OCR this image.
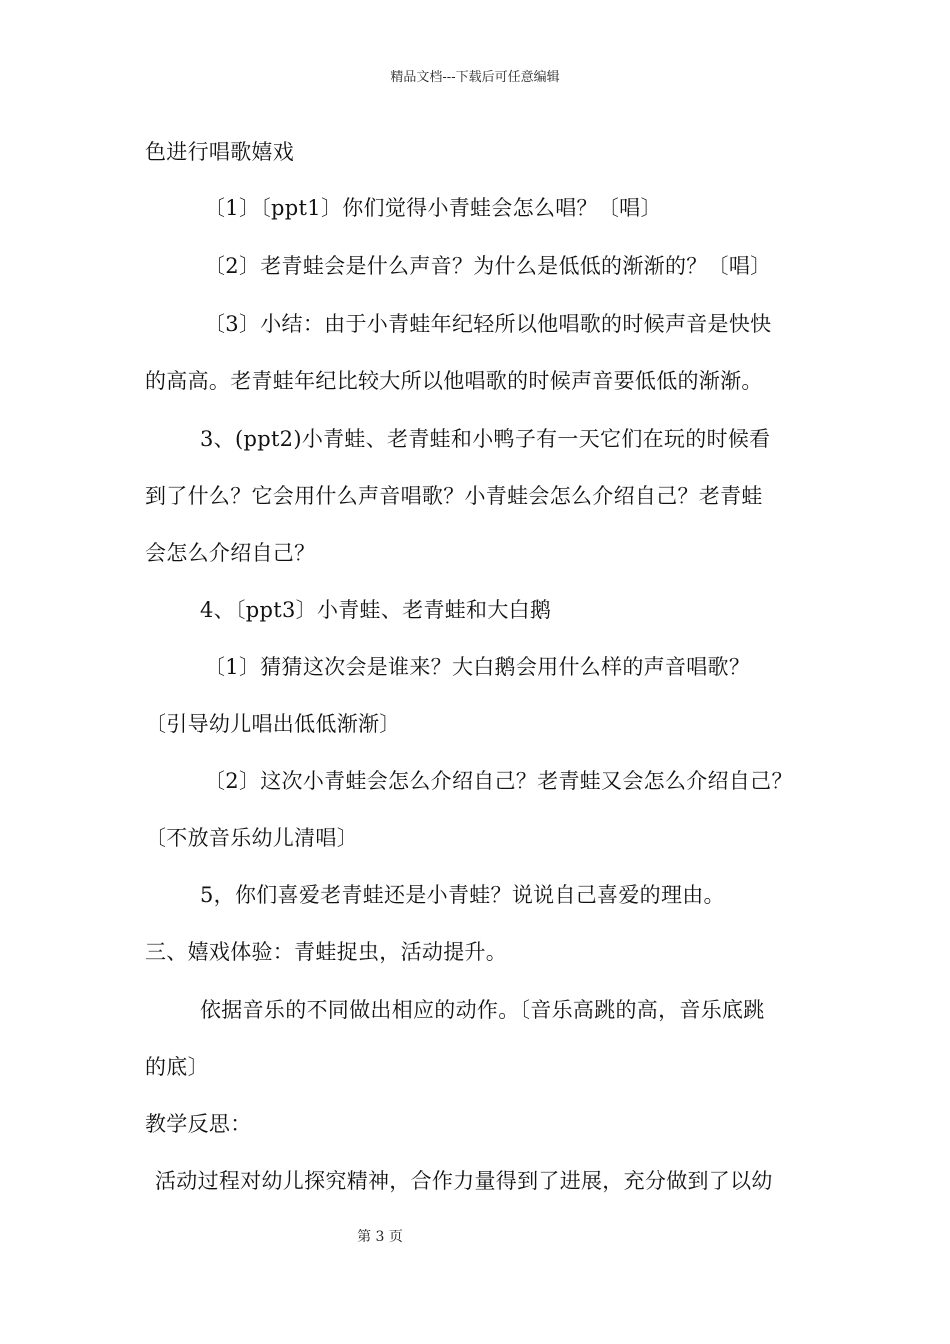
精品文档---下载后可任意编辑
色进行唱歌嬉戏
〔1〕〔ppt1〕你们觉得小青蛙会怎么唱？〔唱〕
〔2〕老青蛙会是什么声音？为什么是低低的渐渐的？〔唱〕
〔3〕小结：由于小青蛙年纪轻所以他唱歌的时候声音是快快
的高高。老青蛙年纪比较大所以他唱歌的时候声音要低低的渐渐。
3、(ppt2)小青蛙、老青蛙和小鸭子有一天它们在玩的时候看
到了什么？它会用什么声音唱歌？小青蛙会怎么介绍自己？老青蛙
会怎么介绍自己？
4、〔ppt3〕小青蛙、老青蛙和大白鹅
〔1〕猜猜这次会是谁来？大白鹅会用什么样的声音唱歌？
〔引导幼儿唱出低低渐渐〕
〔2〕这次小青蛙会怎么介绍自己？老青蛙又会怎么介绍自己？
〔不放音乐幼儿清唱〕
5，你们喜爱老青蛙还是小青蛙？说说自己喜爱的理由。
三、嬉戏体验：青蛙捉虫，活动提升。
依据音乐的不同做出相应的动作。〔音乐高跳的高，音乐底跳
的底〕
教学反思：
活动过程对幼儿探究精神，合作力量得到了进展，充分做到了以幼
第 3 页
